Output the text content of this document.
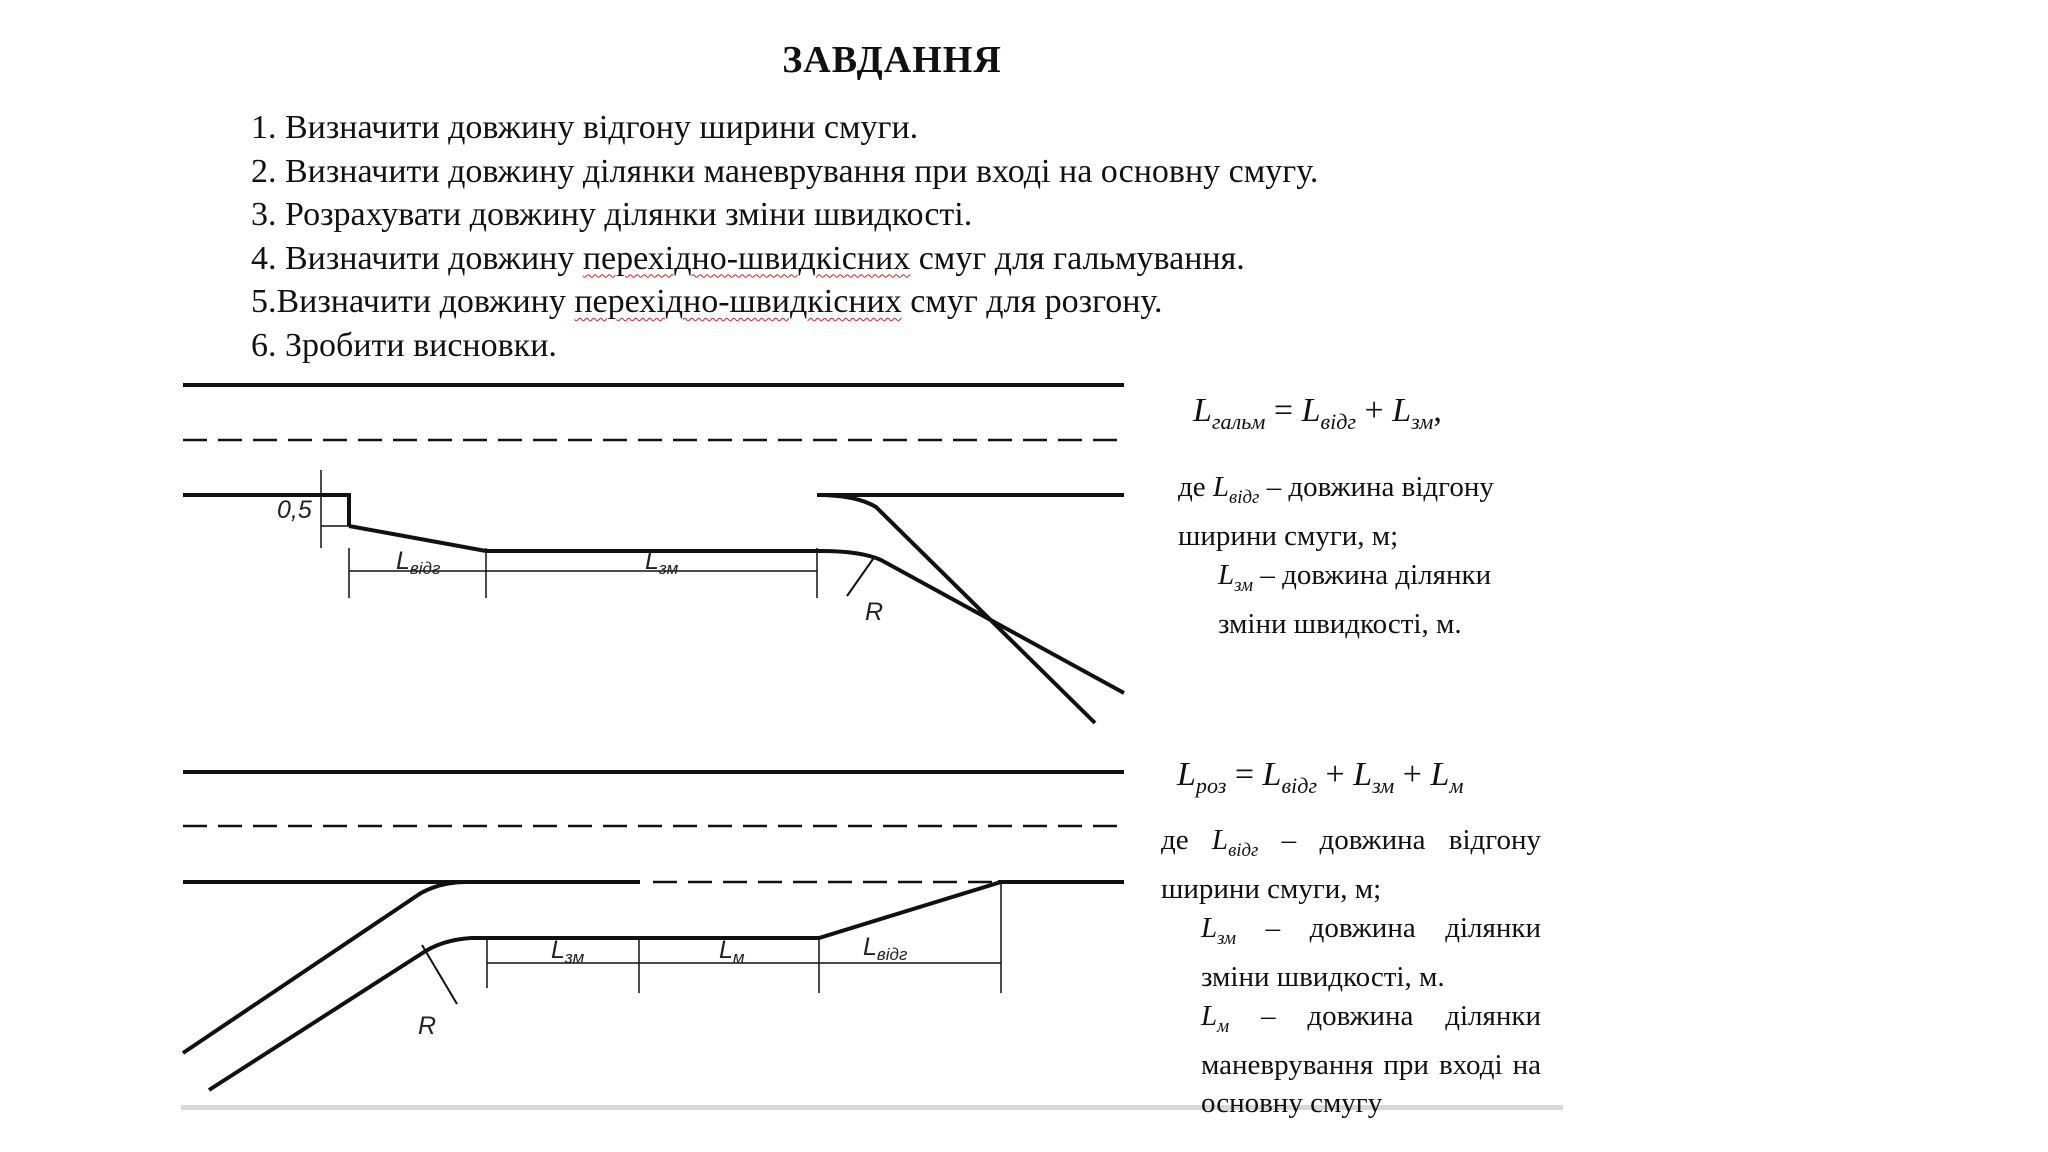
ЗАВДАННЯ
1. Визначити довжину відгону ширини смуги.
2. Визначити довжину ділянки маневрування при вході на основну смугу.
3. Розрахувати довжину ділянки зміни швидкості.
4. Визначити довжину перехідно-швидкісних смуг для гальмування.
5.Визначити довжину перехідно-швидкісних смуг для розгону.
6. Зробити висновки.
0,5
$L_{відг}$	$L_{зм}$
R
$L_{зм}$	$L_м$	$L_{відг}$
R
$L_{гальм} = L_{відг} + L_{зм}$,
де $L_{відг}$ – довжина відгону ширини смуги, м;
$L_{зм}$ – довжина ділянки зміни швидкості, м.
$L_{роз} = L_{відг} + L_{зм} + L_м$
де $L_{відг}$ – довжина відгону ширини смуги, м;
$L_{зм}$ – довжина ділянки зміни швидкості, м.
$L_м$ – довжина ділянки маневрування при вході на основну смугу
